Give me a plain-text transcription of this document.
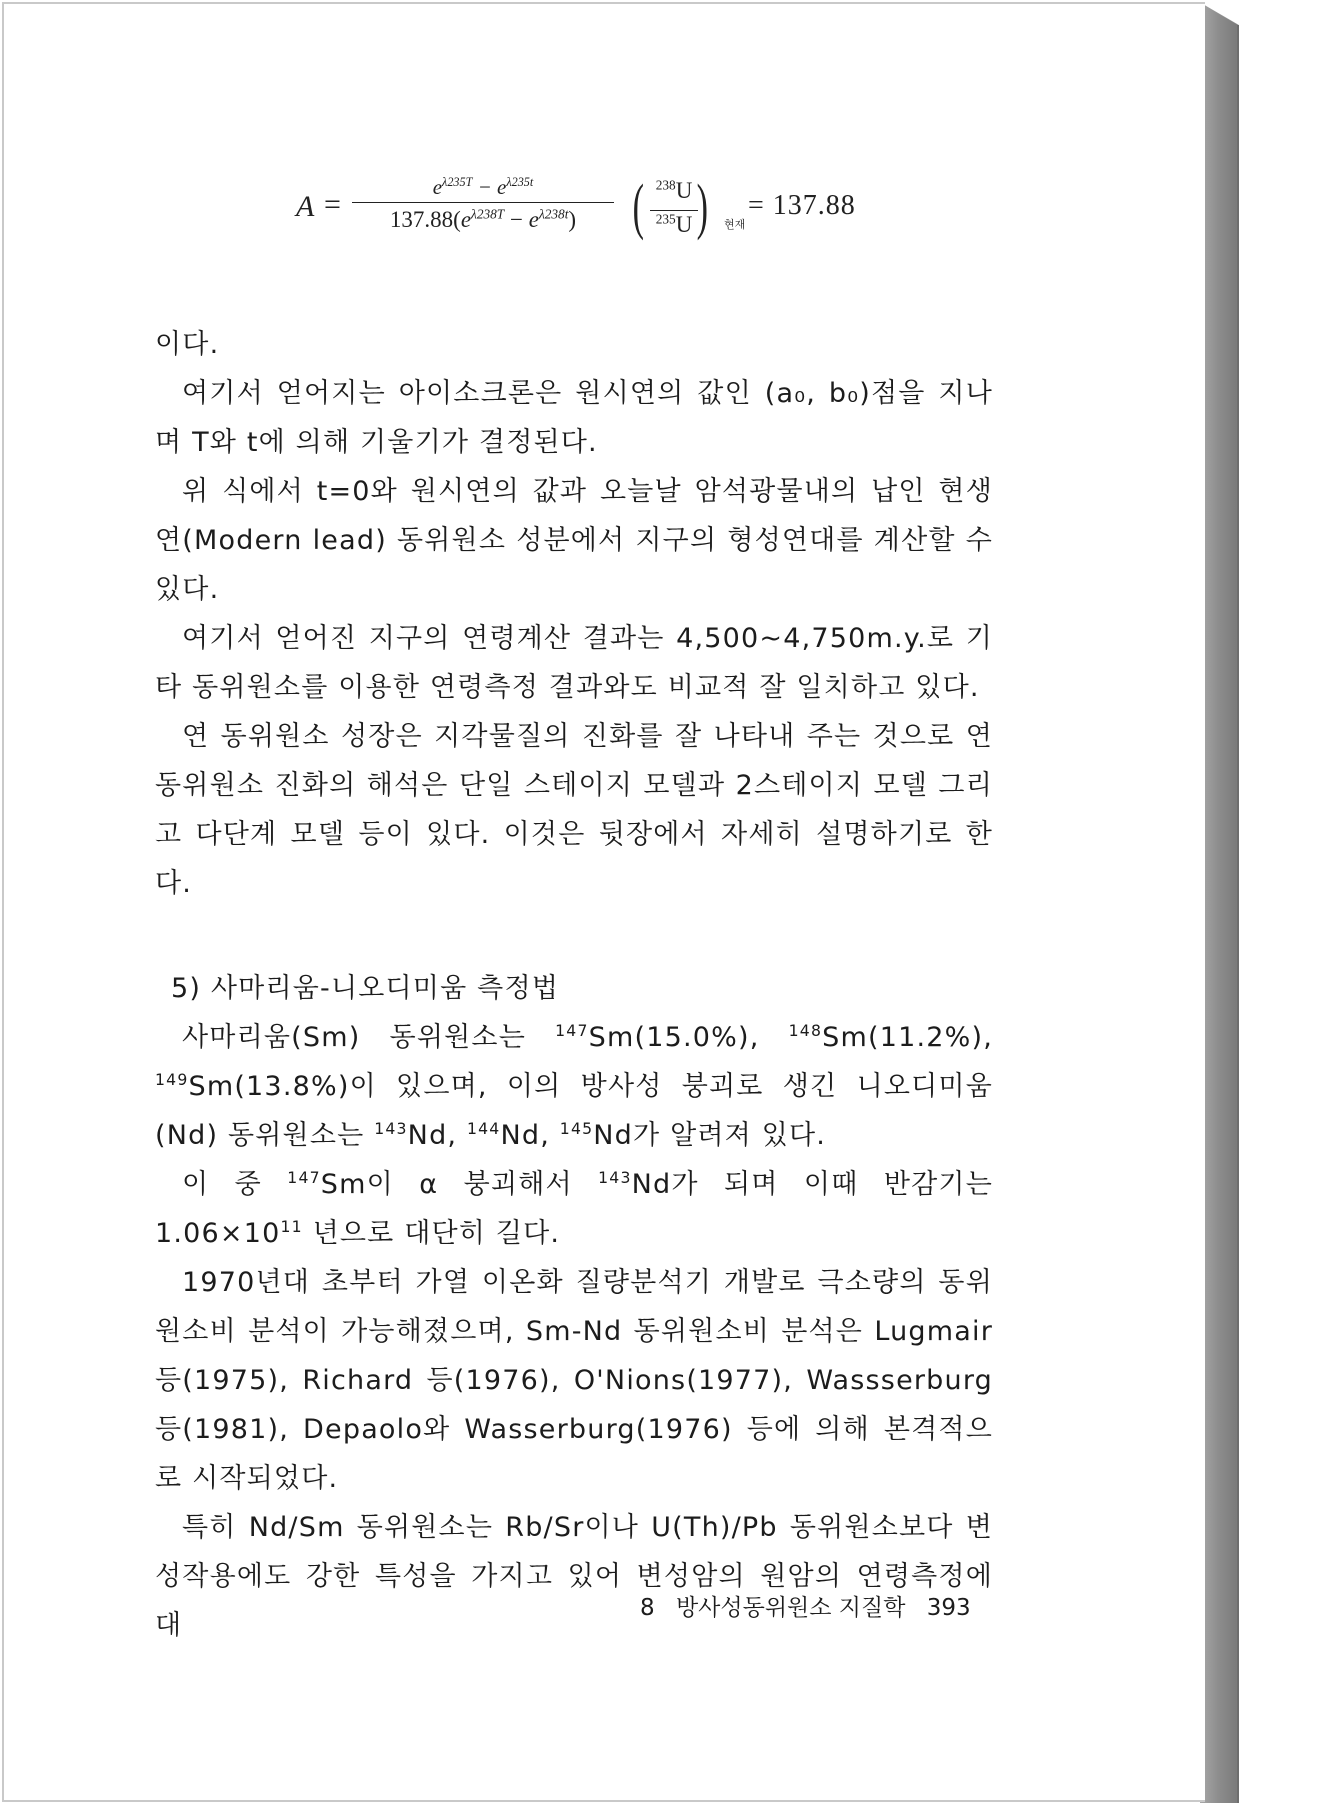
A =
$e^{\lambda 235T} - e^{\lambda 235t}$
$137.88(e^{\lambda 238T} - e^{\lambda 238t})$ ( $^{238}$U
$^{235}$U ) 현재
= 137.88

이다.

여기서 얻어지는 아이소크론은 원시연의 값인 (a₀, b₀)점을 지나며 T와 t에 의해 기울기가 결정된다.

위 식에서 t=0와 원시연의 값과 오늘날 암석광물내의 납인 현생연(Modern lead) 동위원소 성분에서 지구의 형성연대를 계산할 수 있다.

여기서 얻어진 지구의 연령계산 결과는 4,500~4,750m.y.로 기타 동위원소를 이용한 연령측정 결과와도 비교적 잘 일치하고 있다.

연 동위원소 성장은 지각물질의 진화를 잘 나타내 주는 것으로 연 동위원소 진화의 해석은 단일 스테이지 모델과 2스테이지 모델 그리고 다단계 모델 등이 있다. 이것은 뒷장에서 자세히 설명하기로 한다.

5) 사마리움-니오디미움 측정법

사마리움(Sm) 동위원소는 $^{147}$Sm(15.0%), $^{148}$Sm(11.2%), $^{149}$Sm(13.8%)이 있으며, 이의 방사성 붕괴로 생긴 니오디미움(Nd) 동위원소는 $^{143}$Nd, $^{144}$Nd, $^{145}$Nd가 알려져 있다.

이 중 $^{147}$Sm이 α 붕괴해서 $^{143}$Nd가 되며 이때 반감기는 $1.06\times 10^{11}$ 년으로 대단히 길다.

1970년대 초부터 가열 이온화 질량분석기 개발로 극소량의 동위원소비 분석이 가능해졌으며, Sm-Nd 동위원소비 분석은 Lugmair 등(1975), Richard 등(1976), O'Nions(1977), Wassserburg 등(1981), Depaolo와 Wasserburg(1976) 등에 의해 본격적으로 시작되었다.

특히 Nd/Sm 동위원소는 Rb/Sr이나 U(Th)/Pb 동위원소보다 변성작용에도 강한 특성을 가지고 있어 변성암의 원암의 연령측정에 대

8 방사성동위원소 지질학 393
